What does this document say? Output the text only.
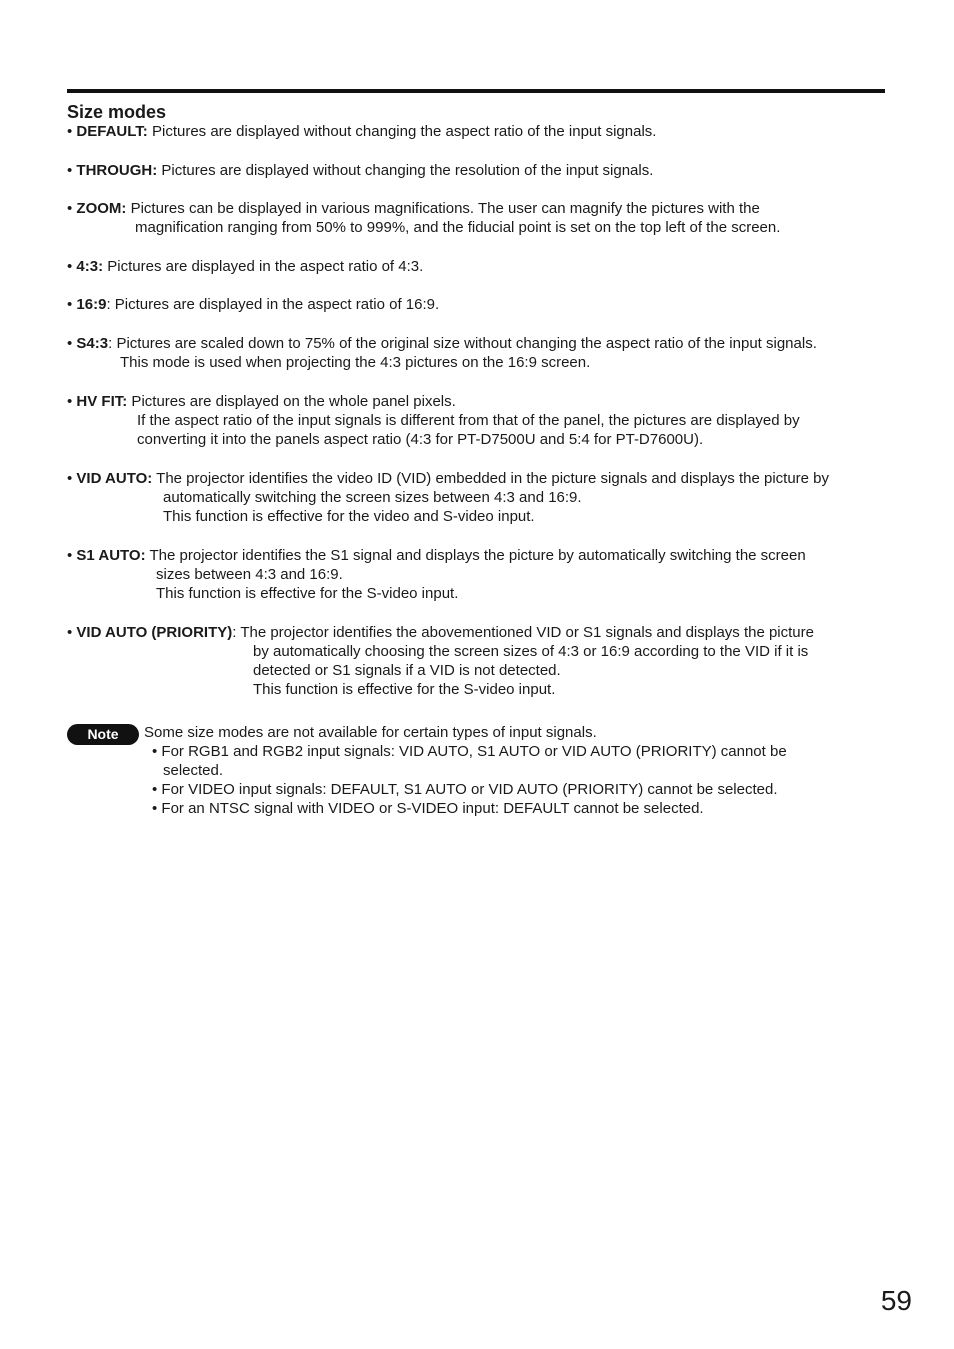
Size modes
• DEFAULT: Pictures are displayed without changing the aspect ratio of the input signals.
• THROUGH: Pictures are displayed without changing the resolution of the input signals.
• ZOOM: Pictures can be displayed in various magnifications. The user can magnify the pictures with the
magnification ranging from 50% to 999%, and the fiducial point is set on the top left of the screen.
• 4:3: Pictures are displayed in the aspect ratio of 4:3.
• 16:9: Pictures are displayed in the aspect ratio of 16:9.
• S4:3: Pictures are scaled down to 75% of the original size without changing the aspect ratio of the input signals.
This mode is used when projecting the 4:3 pictures on the 16:9 screen.
• HV FIT: Pictures are displayed on the whole panel pixels.
If the aspect ratio of the input signals is different from that of the panel, the pictures are displayed by
converting it into the panels aspect ratio (4:3 for PT-D7500U and 5:4 for PT-D7600U).
• VID AUTO: The projector identifies the video ID (VID) embedded in the picture signals and displays the picture by
automatically switching the screen sizes between 4:3 and 16:9.
This function is effective for the video and S-video input.
• S1 AUTO: The projector identifies the S1 signal and displays the picture by automatically switching the screen
sizes between 4:3 and 16:9.
This function is effective for the S-video input.
• VID AUTO (PRIORITY): The projector identifies the abovementioned VID or S1 signals and displays the picture
by automatically choosing the screen sizes of 4:3 or 16:9 according to the VID if it is
detected or S1 signals if a VID is not detected.
This function is effective for the S-video input.
Note	Some size modes are not available for certain types of input signals.
• For RGB1 and RGB2 input signals: VID AUTO, S1 AUTO or VID AUTO (PRIORITY) cannot be
selected.
• For VIDEO input signals: DEFAULT, S1 AUTO or VID AUTO (PRIORITY) cannot be selected.
• For an NTSC signal with VIDEO or S-VIDEO input: DEFAULT cannot be selected.
59
